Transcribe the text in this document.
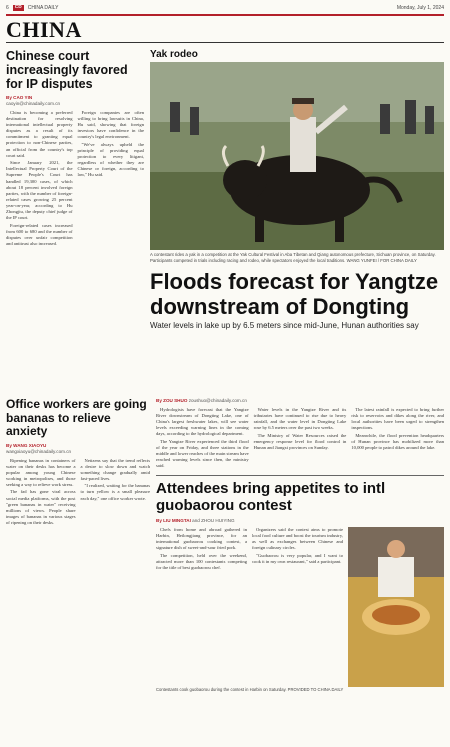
6	CD	CHINA DAILY	Monday, July 1, 2024
CHINA
Chinese court increasingly favored for IP disputes
By CAO YIN
caoyin@chinadaily.com.cn

China is becoming a preferred destination for resolving international intellectual property disputes as a result of its commitment to granting equal protection to non-Chinese parties, an official from the country's top court said.

Since January 2021, the Intellectual Property Court of the Supreme People's Court has handled 19,300 cases, of which about 18 percent involved foreign parties, with the number of foreign-related cases growing 25 percent year-on-year, according to Hu Zhongjiu, the deputy chief judge of the IP court.

Foreign-related cases increased from 600 to 680 and the number of disputes over unfair competition and antitrust also increased.

Foreign companies are often willing to bring lawsuits in China, Hu said, showing that foreign investors have confidence in the country's legal environment.

"We've always upheld the principle of providing equal protection to every litigant, regardless of whether they are Chinese or foreign, according to law," Hu said.

Yak rodeo
A contestant rides a yak in a competition at the Yak Cultural Festival in Aba Tibetan and Qiang autonomous prefecture, Sichuan province, on Saturday. Participants competed in trials including racing and rodeo, while spectators enjoyed the local traditions. WANG YUNFEI / FOR CHINA DAILY
Floods forecast for Yangtze downstream of Dongting
Water levels in lake up by 6.5 meters since mid-June, Hunan authorities say
Office workers are going bananas to relieve anxiety
By WANG XIAOYU
wangxiaoyu@chinadaily.com.cn

Ripening bananas in containers of water on their desks has become a popular among young Chinese working in metropolises, and those seeking a way to relieve work stress.

The fad has gone viral across social media platforms, with the post "green bananas in water" receiving millions of views. People share images of bananas in various stages of ripening on their desks.

Netizens say that the trend reflects a desire to slow down and watch something change gradually amid fast-paced lives.

"I realized, waiting for the bananas to turn yellow is a small pleasure each day," one office worker wrote.

By ZOU SHUO zoushuo@chinadaily.com.cn

Hydrologists have forecast that the Yangtze River downstream of Dongting Lake, one of China's largest freshwater lakes, will see water levels exceeding warning lines in the coming days, according to the hydrological department.

The Yangtze River experienced the third flood of the year on Friday, and three stations in the middle and lower reaches of the main stream have reached warning levels since then, the ministry said.

Water levels in the Yangtze River and its tributaries have continued to rise due to heavy rainfall, and the water level in Dongting Lake rose by 6.5 meters over the past two weeks.

The Ministry of Water Resources raised the emergency response level for flood control in Hunan and Jiangxi provinces on Sunday.

The latest rainfall is expected to bring further risk to reservoirs and dikes along the river, and local authorities have been urged to strengthen inspections.

Meanwhile, the flood prevention headquarters of Hunan province has mobilized more than 10,000 people to patrol dikes around the lake.

Attendees bring appetites to intl guobaorou contest
By LIU MINGTAI and ZHOU HUIYING

Chefs from home and abroad gathered in Harbin, Heilongjiang province, for an international guobaorou cooking contest, a signature dish of sweet-and-sour fried pork.

The competition, held over the weekend, attracted more than 100 contestants competing for the title of best guobaorou chef.

Organizers said the contest aims to promote local food culture and boost the tourism industry, as well as exchanges between Chinese and foreign culinary circles.

"Guobaorou is very popular, and I want to cook it in my own restaurant," said a participant.

Contestants cook guobaorou during the contest in Harbin on Saturday. PROVIDED TO CHINA DAILY
